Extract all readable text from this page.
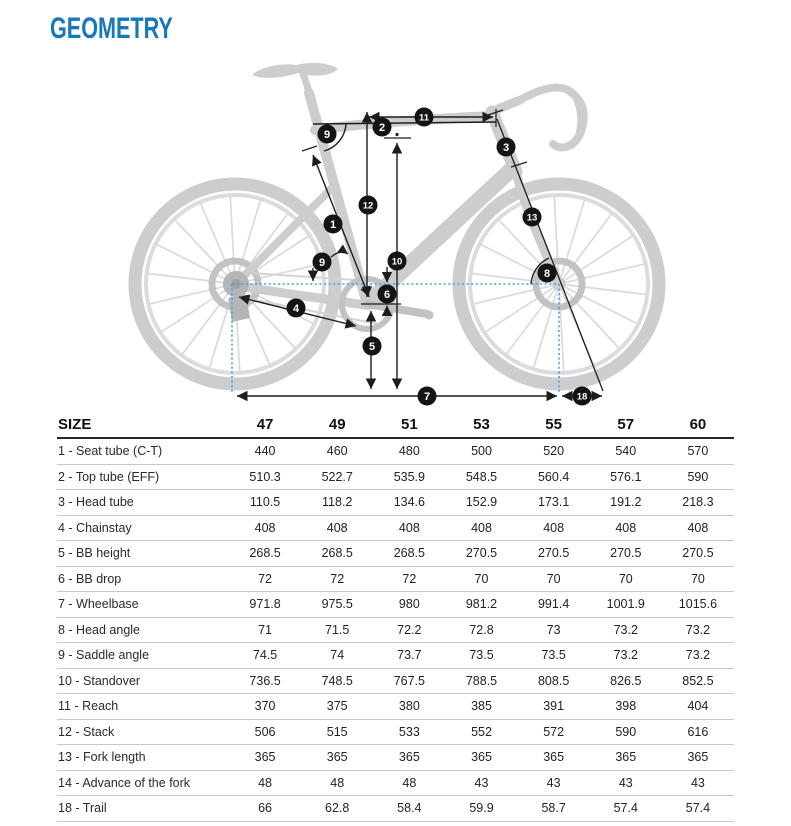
GEOMETRY
9
2
11
3
1
12
10
13
9
8
6
4
5
7	18
SIZE	47	49	51	53	55	57	60
1 - Seat tube (C-T)	440	460	480	500	520	540	570
2 - Top tube (EFF)	510.3	522.7	535.9	548.5	560.4	576.1	590
3 - Head tube	110.5	118.2	134.6	152.9	173.1	191.2	218.3
4 - Chainstay	408	408	408	408	408	408	408
5 - BB height	268.5	268.5	268.5	270.5	270.5	270.5	270.5
6 - BB drop	72	72	72	70	70	70	70
7 - Wheelbase	971.8	975.5	980	981.2	991.4	1001.9	1015.6
8 - Head angle	71	71.5	72.2	72.8	73	73.2	73.2
9 - Saddle angle	74.5	74	73.7	73.5	73.5	73.2	73.2
10 - Standover	736.5	748.5	767.5	788.5	808.5	826.5	852.5
11 - Reach	370	375	380	385	391	398	404
12 - Stack	506	515	533	552	572	590	616
13 - Fork length	365	365	365	365	365	365	365
14 - Advance of the fork	48	48	48	43	43	43	43
18 - Trail	66	62.8	58.4	59.9	58.7	57.4	57.4
